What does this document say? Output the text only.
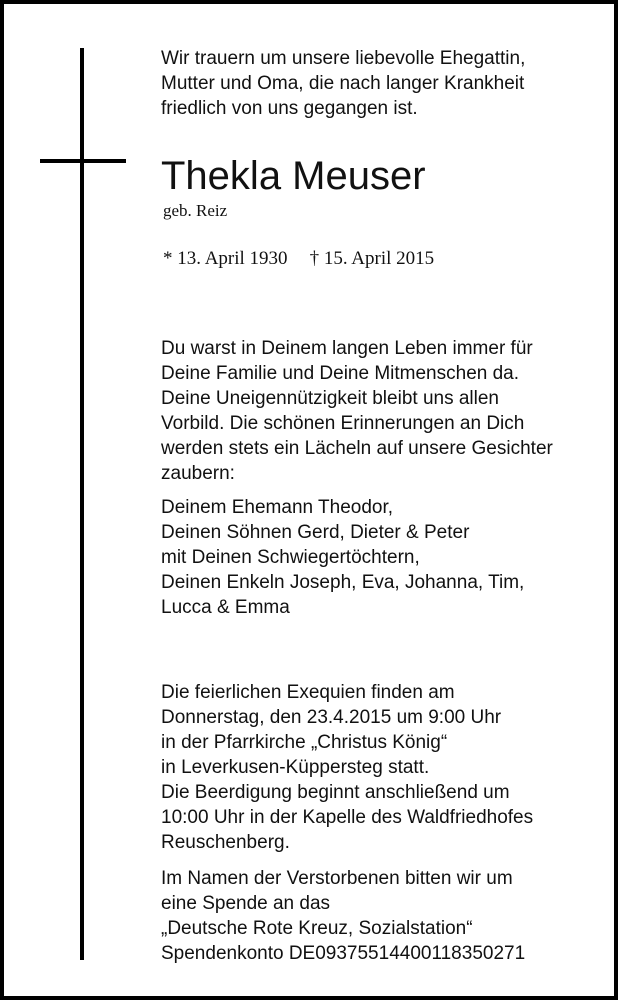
Wir trauern um unsere liebevolle Ehegattin,
Mutter und Oma, die nach langer Krankheit
friedlich von uns gegangen ist.

Thekla Meuser

geb. Reiz

* 13. April 1930 † 15. April 2015

Du warst in Deinem langen Leben immer für
Deine Familie und Deine Mitmenschen da.
Deine Uneigennützigkeit bleibt uns allen
Vorbild. Die schönen Erinnerungen an Dich
werden stets ein Lächeln auf unsere Gesichter
zaubern:

Deinem Ehemann Theodor,
Deinen Söhnen Gerd, Dieter & Peter
mit Deinen Schwiegertöchtern,
Deinen Enkeln Joseph, Eva, Johanna, Tim,
Lucca & Emma

Die feierlichen Exequien finden am
Donnerstag, den 23.4.2015 um 9:00 Uhr
in der Pfarrkirche „Christus König“
in Leverkusen-Küppersteg statt.
Die Beerdigung beginnt anschließend um
10:00 Uhr in der Kapelle des Waldfriedhofes
Reuschenberg.

Im Namen der Verstorbenen bitten wir um
eine Spende an das
„Deutsche Rote Kreuz, Sozialstation“
Spendenkonto DE09375514400118350271
